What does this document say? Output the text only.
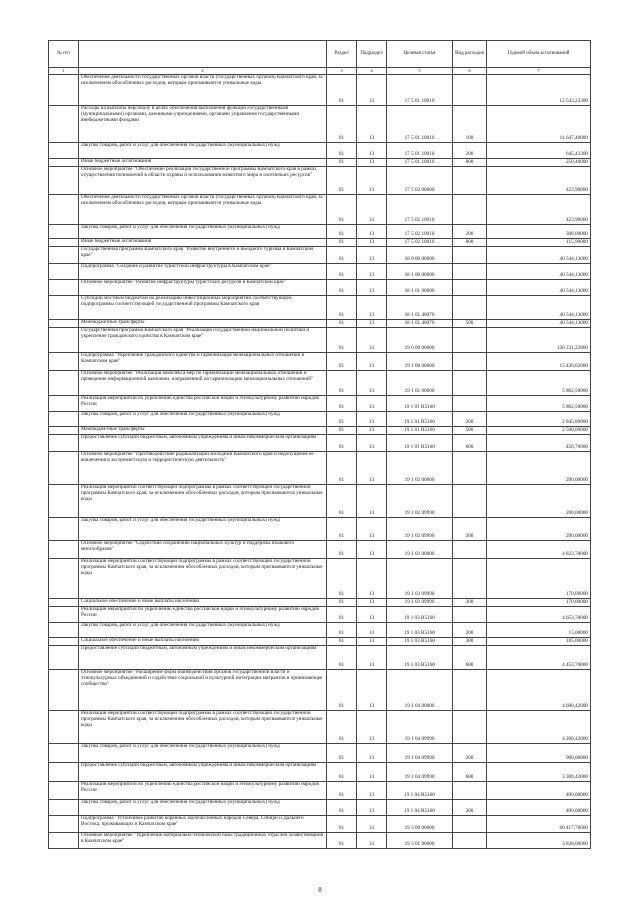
№ п/п		Раздел	Подраздел	Целевая статья	Вид расходов	Годовой объем ассигнований
1	2	3	4	5	6	7
	Обеспечение деятельности государственных органов власти (государственных органов) Камчатского края, за исключением обособленных расходов, которым присваиваются уникальные коды	01	13	17 5 01 10010		12 543,23300
	Расходы на выплаты персоналу в целях обеспечения выполнения функций государственными (муниципальными) органами, казенными учреждениями, органами управления государственными внебюджетными фондами	01	13	17 5 01 10010	100	11 647,40000
	Закупка товаров, работ и услуг для обеспечения государственных (муниципальных) нужд	01	13	17 5 01 10010	200	645,43300
	Иные бюджетные ассигнования	01	13	17 5 01 10010	800	250,40000
	Основное мероприятие "Обеспечение реализации государственной программы Камчатского края в рамках осуществления полномочий в области охраны и использования животного мира и охотничьих ресурсов"	01	13	17 5 02 00000		423,90000
	Обеспечение деятельности государственных органов власти (государственных органов) Камчатского края, за исключением обособленных расходов, которым присваиваются уникальные коды	01	13	17 5 02 10010		423,90000
	Закупка товаров, работ и услуг для обеспечения государственных (муниципальных) нужд	01	13	17 5 02 10010	200	308,00000
	Иные бюджетные ассигнования	01	13	17 5 02 10010	800	115,90000
	Государственная программа Камчатского края "Развитие внутреннего и въездного туризма в Камчатском крае"	01	13	18 0 00 00000		40 544,13000
	Подпрограмма "Создание и развитие туристской инфраструктуры в Камчатском крае"	01	13	18 1 00 00000		40 544,13000
	Основное мероприятие "Развитие инфраструктуры туристских ресурсов в Камчатском крае"	01	13	18 1 01 00000		40 544,13000
	Субсидии местным бюджетам на реализацию инвестиционных мероприятий соответствующей подпрограммы соответствующей государственной программы Камчатского края	01	13	18 1 01 40070		40 544,13000
	Межбюджетные трансферты	01	13	18 1 01 40070	500	40 544,13000
	Государственная программа Камчатского края "Реализация государственной национальной политики и укрепление гражданского единства в Камчатском крае"	01	13	19 0 00 00000		130 231,22800
	Подпрограмма "Укрепление гражданского единства и гармонизация межнациональных отношений в Камчатском крае"	01	13	19 1 00 00000		15 436,62000
	Основное мероприятие "Реализация комплекса мер по гармонизации межнациональных отношений и проведение информационной кампании, направленной на гармонизацию межнациональных отношений"	01	13	19 1 01 00000		5 802,50000
	Реализация мероприятий по укреплению единства российской нации и этнокультурному развитию народов России	01	13	19 1 01 R5160		5 802,50000
	Закупка товаров, работ и услуг для обеспечения государственных (муниципальных) нужд	01	13	19 1 01 R5160	200	2 845,80000
	Межбюджетные трансферты	01	13	19 1 01 R5160	500	2 500,00000
	Предоставление субсидий бюджетным, автономным учреждениям и иным некоммерческим организациям	01	13	19 1 01 R5160	600	456,70000
	Основное мероприятие "Противодействие радикализации молодежи Камчатского края и недопущение ее вовлечения в экстремистскую и террористическую деятельность"	01	13	19 1 02 00000		200,00000
	Реализация мероприятий соответствующей подпрограммы в рамках соответствующей государственной программы Камчатского края, за исключением обособленных расходов, которым присваиваются уникальные коды	01	13	19 1 02 09990		200,00000
	Закупка товаров, работ и услуг для обеспечения государственных (муниципальных) нужд	01	13	19 1 02 09990	200	200,00000
	Основное мероприятие "Содействие сохранению национальных культур и поддержка языкового многообразия"	01	13	19 1 03 00000		4 823,70000
	Реализация мероприятий соответствующей подпрограммы в рамках соответствующей государственной программы Камчатского края, за исключением обособленных расходов, которым присваиваются уникальные коды	01	13	19 1 03 09990		170,00000
	Социальное обеспечение и иные выплаты населению	01	13	19 1 03 09990	300	170,00000
	Реализация мероприятий по укреплению единства российской нации и этнокультурному развитию народов России	01	13	19 1 03 R5160		4 653,70000
	Закупка товаров, работ и услуг для обеспечения государственных (муниципальных) нужд	01	13	19 1 03 R5160	200	15,00000
	Социальное обеспечение и иные выплаты населению	01	13	19 1 03 R5160	300	185,00000
	Предоставление субсидий бюджетным, автономным учреждениям и иным некоммерческим организациям	01	13	19 1 03 R5160	600	4 453,70000
	Основное мероприятие "Расширение форм взаимодействия органов государственной власти и этнокультурных объединений и содействие социальной и культурной интеграции мигрантов в принимающее сообщество"	01	13	19 1 04 00000		4 600,42000
	Реализация мероприятий соответствующей подпрограммы в рамках соответствующей государственной программы Камчатского края, за исключением обособленных расходов, которым присваиваются уникальные коды	01	13	19 1 04 09990		4 200,42000
	Закупка товаров, работ и услуг для обеспечения государственных (муниципальных) нужд	01	13	19 1 04 09990	200	900,00000
	Предоставление субсидий бюджетным, автономным учреждениям и иным некоммерческим организациям	01	13	19 1 04 09990	600	3 300,42000
	Реализация мероприятий по укреплению единства российской нации и этнокультурному развитию народов России	01	13	19 1 04 R5160		400,00000
	Закупка товаров, работ и услуг для обеспечения государственных (муниципальных) нужд	01	13	19 1 04 R5160	200	400,00000
	Подпрограмма "Устойчивое развитие коренных малочисленных народов Севера, Сибири и Дальнего Востока, проживающих в Камчатском крае"	01	13	19 3 00 00000		60 417,70000
	Основное мероприятие "Укрепление материально-технической базы традиционных отраслей хозяйствования в Камчатском крае"	01	13	19 3 01 00000		3 838,00000
8
